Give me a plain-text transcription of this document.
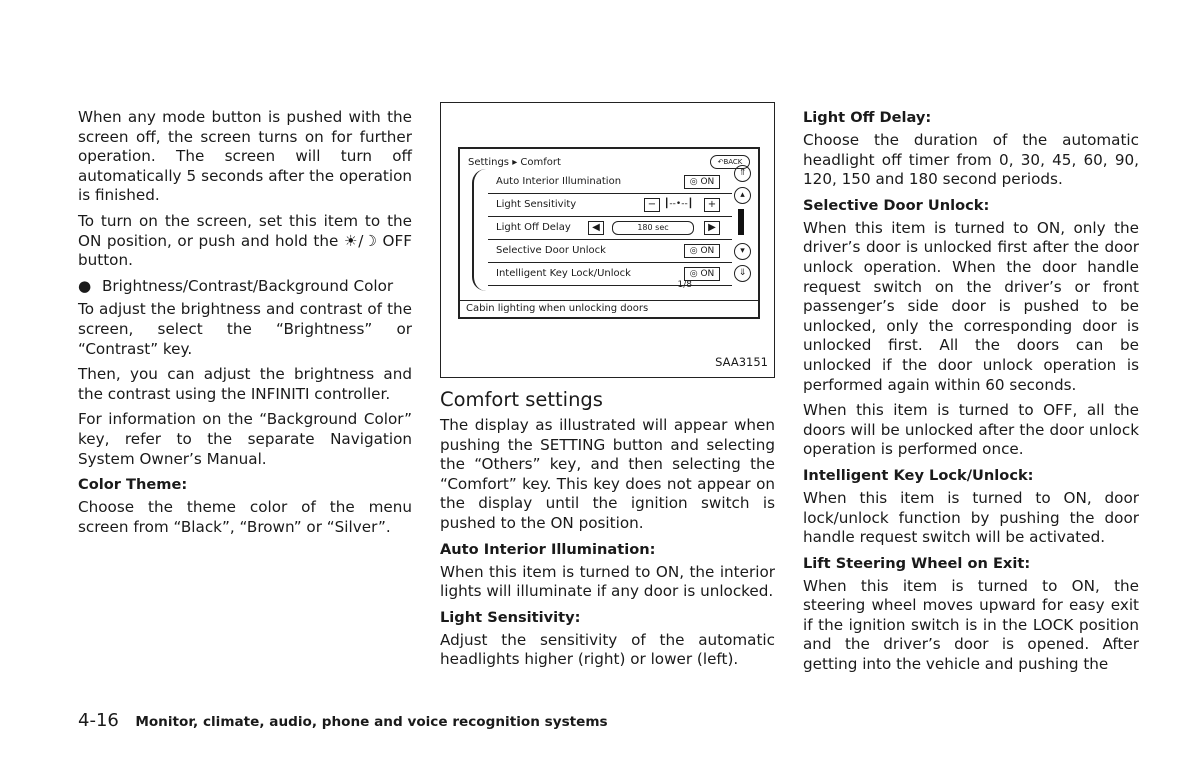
When any mode button is pushed with the screen off, the screen turns on for further operation. The screen will turn off automatically 5 seconds after the operation is finished.

To turn on the screen, set this item to the ON position, or push and hold the ☀/☽ OFF button.

● Brightness/Contrast/Background Color

To adjust the brightness and contrast of the screen, select the “Brightness” or “Contrast” key.

Then, you can adjust the brightness and the contrast using the INFINITI controller.

For information on the “Background Color” key, refer to the separate Navigation System Owner’s Manual.

Color Theme:

Choose the theme color of the menu screen from “Black”, “Brown” or “Silver”.

Settings ▸ Comfort	↶BACK
Auto Interior Illumination	◎ ON
Light Sensitivity	− ┃--•--┃	+
Light Off Delay	◀	180 sec	▶
Selective Door Unlock	◎ ON
Intelligent Key Lock/Unlock	◎ ON
1/8
⇑
▴
▾
⇓
Cabin lighting when unlocking doors
SAA3151
Comfort settings

The display as illustrated will appear when pushing the SETTING button and selecting the “Others” key, and then selecting the “Comfort” key. This key does not appear on the display until the ignition switch is pushed to the ON position.

Auto Interior Illumination:

When this item is turned to ON, the interior lights will illuminate if any door is unlocked.

Light Sensitivity:

Adjust the sensitivity of the automatic headlights higher (right) or lower (left).

Light Off Delay:

Choose the duration of the automatic headlight off timer from 0, 30, 45, 60, 90, 120, 150 and 180 second periods.

Selective Door Unlock:

When this item is turned to ON, only the driver’s door is unlocked first after the door unlock operation. When the door handle request switch on the driver’s or front passenger’s side door is pushed to be unlocked, only the corresponding door is unlocked first. All the doors can be unlocked if the door unlock operation is performed again within 60 seconds.

When this item is turned to OFF, all the doors will be unlocked after the door unlock operation is performed once.

Intelligent Key Lock/Unlock:

When this item is turned to ON, door lock/unlock function by pushing the door handle request switch will be activated.

Lift Steering Wheel on Exit:

When this item is turned to ON, the steering wheel moves upward for easy exit if the ignition switch is in the LOCK position and the driver’s door is opened. After getting into the vehicle and pushing the

4-16 Monitor, climate, audio, phone and voice recognition systems
